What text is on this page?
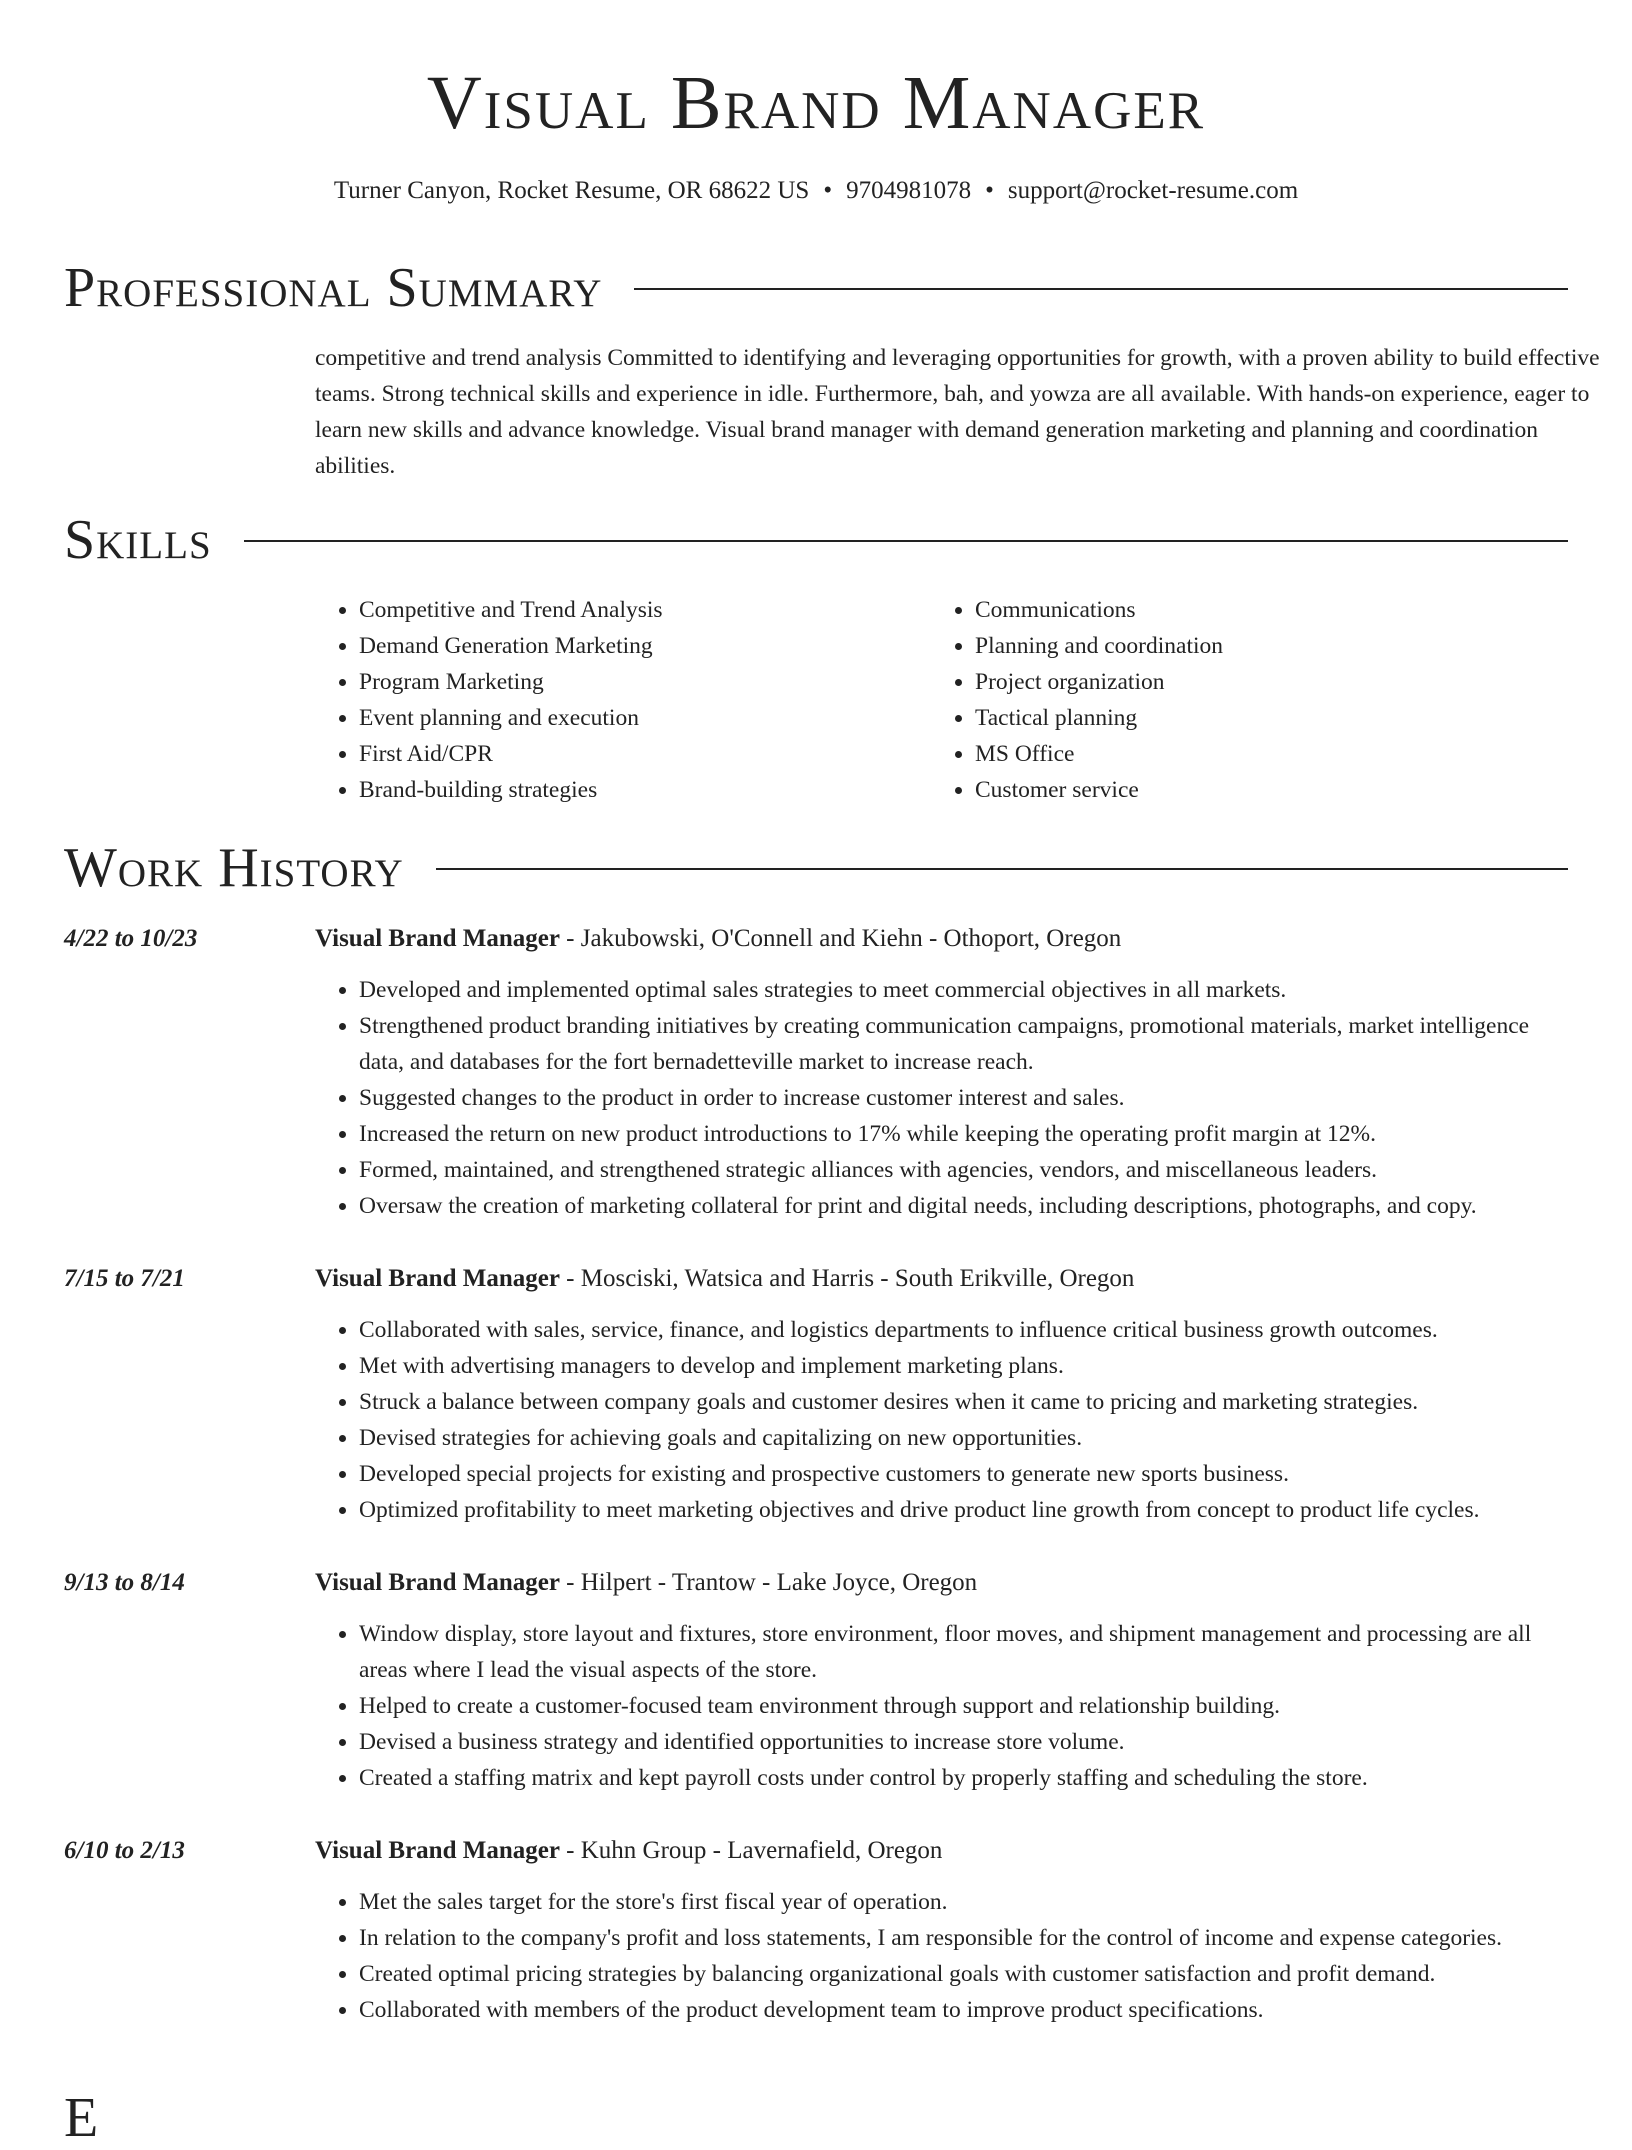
Visual Brand Manager
Turner Canyon, Rocket Resume, OR 68622 US • 9704981078 • support@rocket-resume.com
Professional Summary

competitive and trend analysis Committed to identifying and leveraging opportunities for growth, with a proven ability to build effective teams. Strong technical skills and experience in idle. Furthermore, bah, and yowza are all available. With hands-on experience, eager to learn new skills and advance knowledge. Visual brand manager with demand generation marketing and planning and coordination abilities.

Skills
• Competitive and Trend Analysis
• Demand Generation Marketing
• Program Marketing
• Event planning and execution
• First Aid/CPR
• Brand-building strategies
• Communications
• Planning and coordination
• Project organization
• Tactical planning
• MS Office
• Customer service
Work History
4/22 to 10/23	Visual Brand Manager - Jakubowski, O'Connell and Kiehn - Othoport, Oregon
• Developed and implemented optimal sales strategies to meet commercial objectives in all markets.
• Strengthened product branding initiatives by creating communication campaigns, promotional materials, market intelligence data, and databases for the fort bernadetteville market to increase reach.
• Suggested changes to the product in order to increase customer interest and sales.
• Increased the return on new product introductions to 17% while keeping the operating profit margin at 12%.
• Formed, maintained, and strengthened strategic alliances with agencies, vendors, and miscellaneous leaders.
• Oversaw the creation of marketing collateral for print and digital needs, including descriptions, photographs, and copy.
7/15 to 7/21	Visual Brand Manager - Mosciski, Watsica and Harris - South Erikville, Oregon
• Collaborated with sales, service, finance, and logistics departments to influence critical business growth outcomes.
• Met with advertising managers to develop and implement marketing plans.
• Struck a balance between company goals and customer desires when it came to pricing and marketing strategies.
• Devised strategies for achieving goals and capitalizing on new opportunities.
• Developed special projects for existing and prospective customers to generate new sports business.
• Optimized profitability to meet marketing objectives and drive product line growth from concept to product life cycles.
9/13 to 8/14	Visual Brand Manager - Hilpert - Trantow - Lake Joyce, Oregon
• Window display, store layout and fixtures, store environment, floor moves, and shipment management and processing are all areas where I lead the visual aspects of the store.
• Helped to create a customer-focused team environment through support and relationship building.
• Devised a business strategy and identified opportunities to increase store volume.
• Created a staffing matrix and kept payroll costs under control by properly staffing and scheduling the store.
6/10 to 2/13	Visual Brand Manager - Kuhn Group - Lavernafield, Oregon
• Met the sales target for the store's first fiscal year of operation.
• In relation to the company's profit and loss statements, I am responsible for the control of income and expense categories.
• Created optimal pricing strategies by balancing organizational goals with customer satisfaction and profit demand.
• Collaborated with members of the product development team to improve product specifications.
E
